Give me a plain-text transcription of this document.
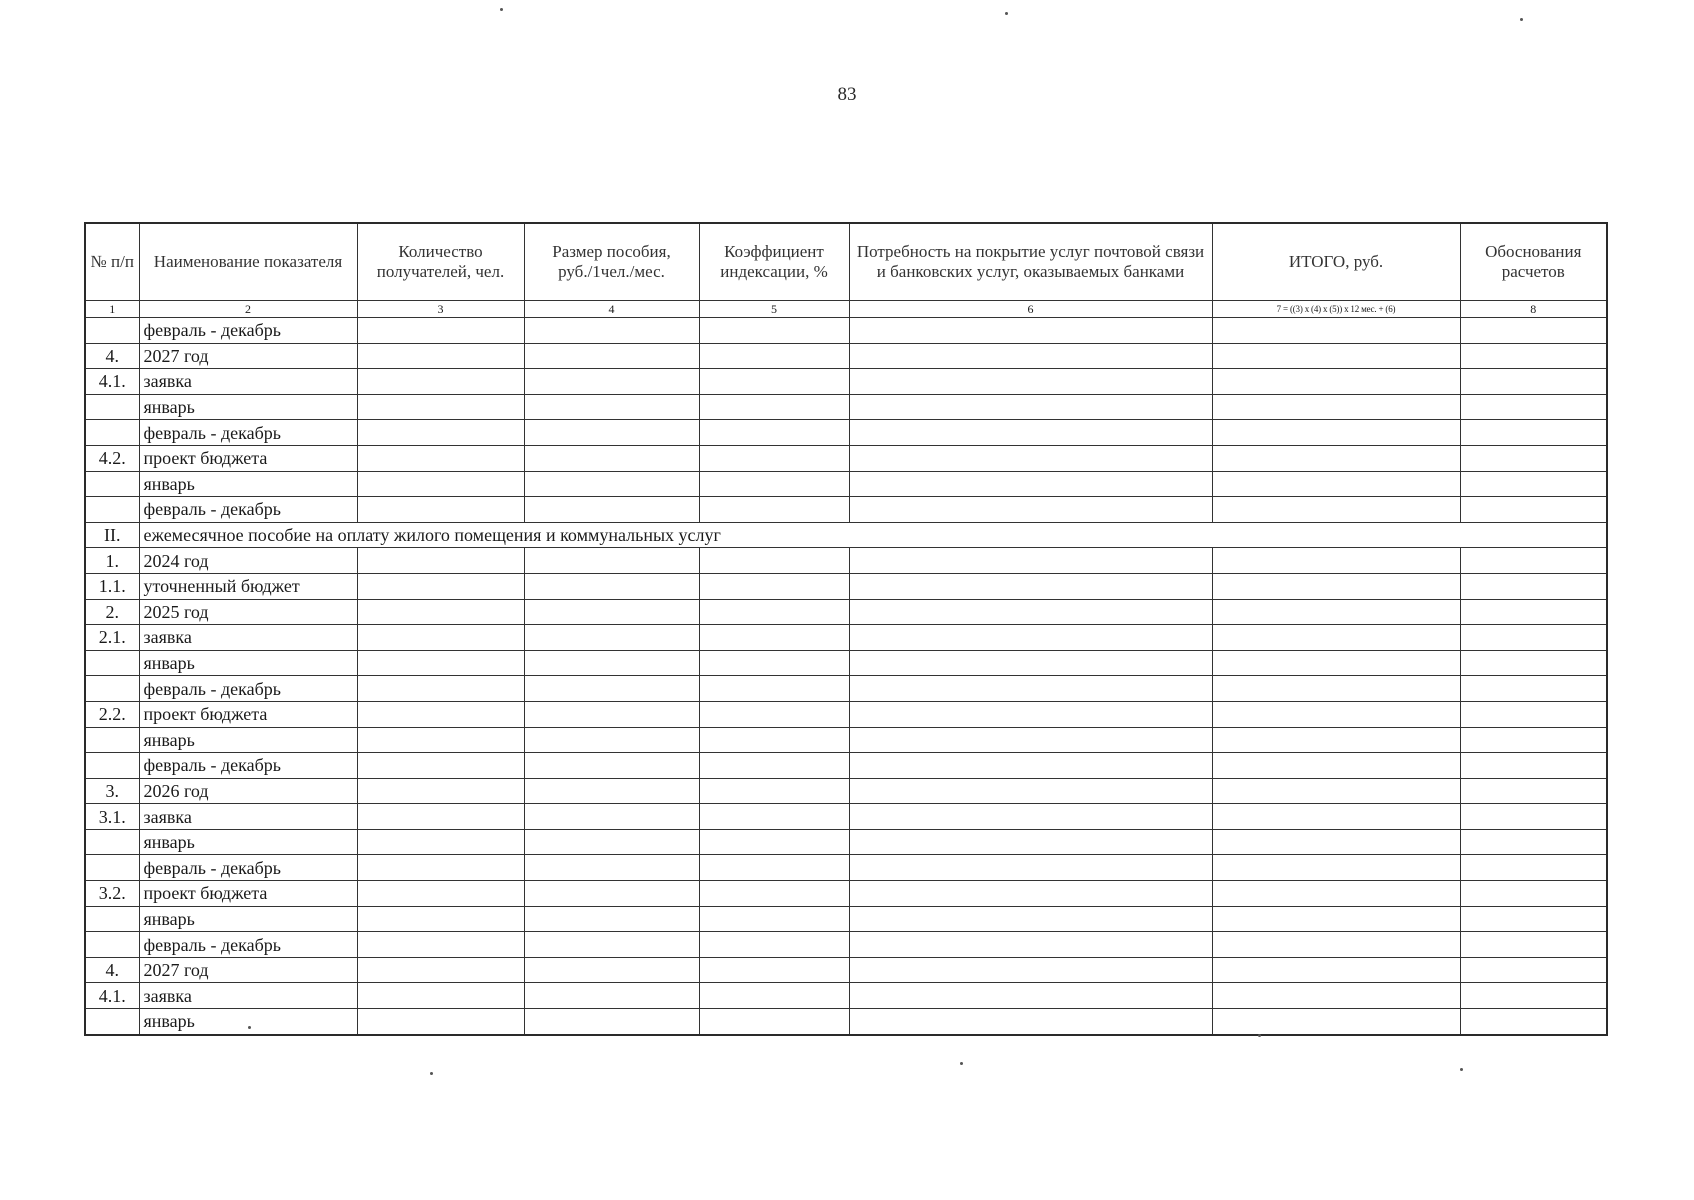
83
№ п/п	Наименование показателя	Количество получателей, чел.	Размер пособия, руб./1чел./мес.	Коэффициент индексации, %	Потребность на покрытие услуг почтовой связи и банковских услуг, оказываемых банками	ИТОГО, руб.	Обоснования расчетов
1	2	3	4	5	6	7 = ((3) x (4) x (5)) x 12 мес. + (6)	8
	февраль - декабрь						
4.	2027 год						
4.1.	заявка						
	январь						
	февраль - декабрь						
4.2.	проект бюджета						
	январь						
	февраль - декабрь						
II.	ежемесячное пособие на оплату жилого помещения и коммунальных услуг						
1.	2024 год						
1.1.	уточненный бюджет						
2.	2025 год						
2.1.	заявка						
	январь						
	февраль - декабрь						
2.2.	проект бюджета						
	январь						
	февраль - декабрь						
3.	2026 год						
3.1.	заявка						
	январь						
	февраль - декабрь						
3.2.	проект бюджета						
	январь						
	февраль - декабрь						
4.	2027 год						
4.1.	заявка						
	январь						
